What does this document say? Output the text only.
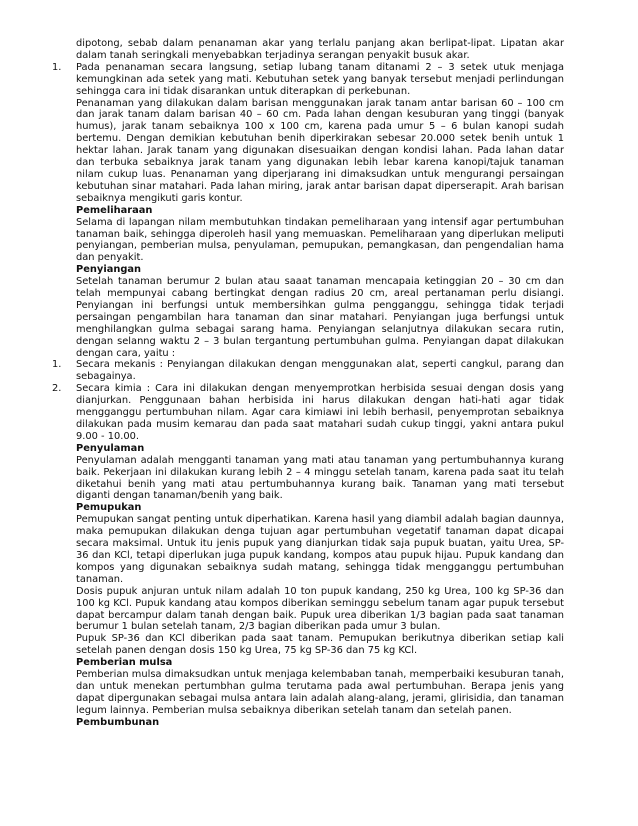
dipotong, sebab dalam penanaman akar yang terlalu panjang akan berlipat-lipat. Lipatan akar dalam tanah seringkali menyebabkan terjadinya serangan penyakit busuk akar.

1. Pada penanaman secara langsung, setiap lubang tanam ditanami 2 – 3 setek utuk menjaga kemungkinan ada setek yang mati. Kebutuhan setek yang banyak tersebut menjadi perlindungan sehingga cara ini tidak disarankan untuk diterapkan di perkebunan.

Penanaman yang dilakukan dalam barisan menggunakan jarak tanam antar barisan 60 – 100 cm dan jarak tanam dalam barisan 40 – 60 cm. Pada lahan dengan kesuburan yang tinggi (banyak humus), jarak tanam sebaiknya 100 x 100 cm, karena pada umur 5 – 6 bulan kanopi sudah bertemu. Dengan demikian kebutuhan benih diperkirakan sebesar 20.000 setek benih untuk 1 hektar lahan. Jarak tanam yang digunakan disesuaikan dengan kondisi lahan. Pada lahan datar dan terbuka sebaiknya jarak tanam yang digunakan lebih lebar karena kanopi/tajuk tanaman nilam cukup luas. Penanaman yang diperjarang ini dimaksudkan untuk mengurangi persaingan kebutuhan sinar matahari. Pada lahan miring, jarak antar barisan dapat diperserapit. Arah barisan sebaiknya mengikuti garis kontur.

Pemeliharaan

Selama di lapangan nilam membutuhkan tindakan pemeliharaan yang intensif agar pertumbuhan tanaman baik, sehingga diperoleh hasil yang memuaskan. Pemeliharaan yang diperlukan meliputi penyiangan, pemberian mulsa, penyulaman, pemupukan, pemangkasan, dan pengendalian hama dan penyakit.

Penyiangan

Setelah tanaman berumur 2 bulan atau saaat tanaman mencapaia ketinggian 20 – 30 cm dan telah mempunyai cabang bertingkat dengan radius 20 cm, areal pertanaman perlu disiangi. Penyiangan ini berfungsi untuk membersihkan gulma pengganggu, sehingga tidak terjadi persaingan pengambilan hara tanaman dan sinar matahari. Penyiangan juga berfungsi untuk menghilangkan gulma sebagai sarang hama. Penyiangan selanjutnya dilakukan secara rutin, dengan selanng waktu 2 – 3 bulan tergantung pertumbuhan gulma. Penyiangan dapat dilakukan dengan cara, yaitu :

1. Secara mekanis : Penyiangan dilakukan dengan menggunakan alat, seperti cangkul, parang dan sebagainya.
2. Secara kimia : Cara ini dilakukan dengan menyemprotkan herbisida sesuai dengan dosis yang dianjurkan. Penggunaan bahan herbisida ini harus dilakukan dengan hati-hati agar tidak mengganggu pertumbuhan nilam. Agar cara kimiawi ini lebih berhasil, penyemprotan sebaiknya dilakukan pada musim kemarau dan pada saat matahari sudah cukup tinggi, yakni antara pukul 9.00 - 10.00.

Penyulaman

Penyulaman adalah mengganti tanaman yang mati atau tanaman yang pertumbuhannya kurang baik. Pekerjaan ini dilakukan kurang lebih 2 – 4 minggu setelah tanam, karena pada saat itu telah diketahui benih yang mati atau pertumbuhannya kurang baik. Tanaman yang mati tersebut diganti dengan tanaman/benih yang baik.

Pemupukan

Pemupukan sangat penting untuk diperhatikan. Karena hasil yang diambil adalah bagian daunnya, maka pemupukan dilakukan denga tujuan agar pertumbuhan vegetatif tanaman dapat dicapai secara maksimal. Untuk itu jenis pupuk yang dianjurkan tidak saja pupuk buatan, yaitu Urea, SP-36 dan KCl, tetapi diperlukan juga pupuk kandang, kompos atau pupuk hijau. Pupuk kandang dan kompos yang digunakan sebaiknya sudah matang, sehingga tidak mengganggu pertumbuhan tanaman.

Dosis pupuk anjuran untuk nilam adalah 10 ton pupuk kandang, 250 kg Urea, 100 kg SP-36 dan 100 kg KCl. Pupuk kandang atau kompos diberikan seminggu sebelum tanam agar pupuk tersebut dapat bercampur dalam tanah dengan baik. Pupuk urea diberikan 1/3 bagian pada saat tanaman berumur 1 bulan setelah tanam, 2/3 bagian diberikan pada umur 3 bulan.

Pupuk SP-36 dan KCl diberikan pada saat tanam. Pemupukan berikutnya diberikan setiap kali setelah panen dengan dosis 150 kg Urea, 75 kg SP-36 dan 75 kg KCl.

Pemberian mulsa

Pemberian mulsa dimaksudkan untuk menjaga kelembaban tanah, memperbaiki kesuburan tanah, dan untuk menekan pertumbhan gulma terutama pada awal pertumbuhan. Berapa jenis yang dapat dipergunakan sebagai mulsa antara lain adalah alang-alang, jerami, glirisidia, dan tanaman legum lainnya. Pemberian mulsa sebaiknya diberikan setelah tanam dan setelah panen.

Pembumbunan
